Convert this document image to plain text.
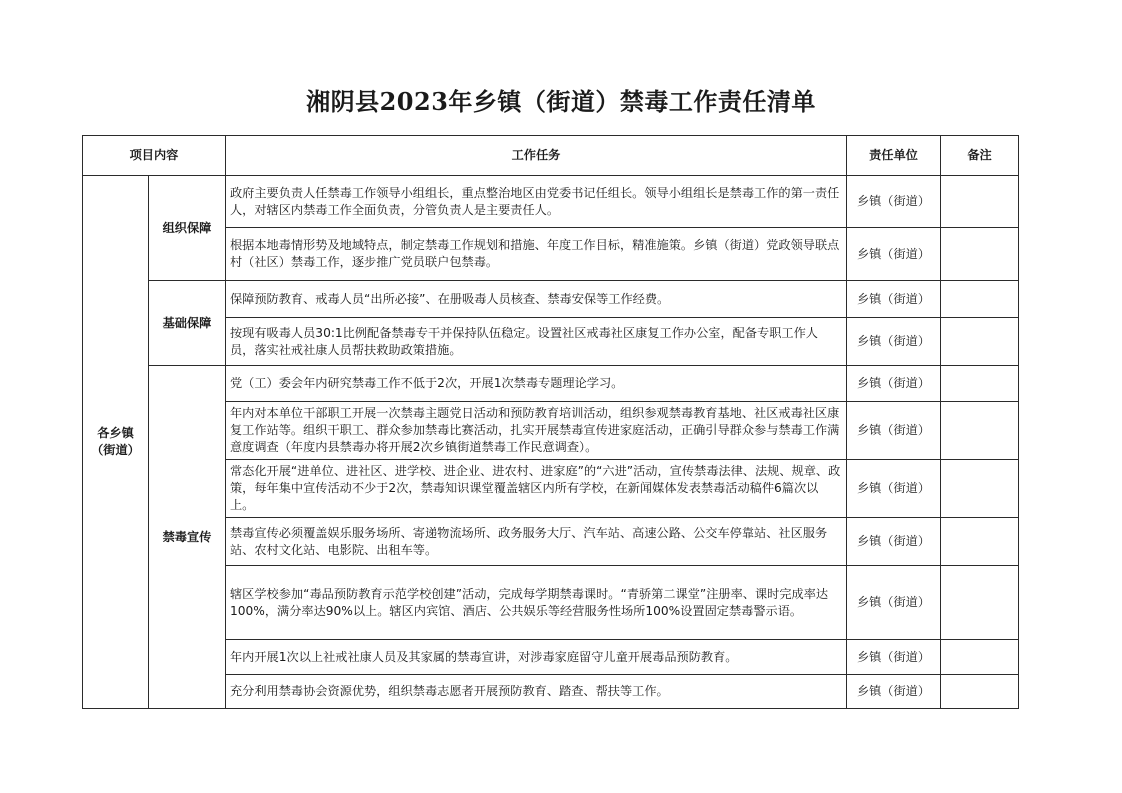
湘阴县2023年乡镇（街道）禁毒工作责任清单
项目内容		工作任务	责任单位	备注

各乡镇
（街道）	组织保障	政府主要负责人任禁毒工作领导小组组长，重点整治地区由党委书记任组长。领导小组组长是禁毒工作的第一责任人，对辖区内禁毒工作全面负责，分管负责人是主要责任人。	乡镇（街道）	
		根据本地毒情形势及地域特点，制定禁毒工作规划和措施、年度工作目标，精准施策。乡镇（街道）党政领导联点村（社区）禁毒工作，逐步推广党员联户包禁毒。	乡镇（街道）	
	基础保障	保障预防教育、戒毒人员“出所必接”、在册吸毒人员核查、禁毒安保等工作经费。	乡镇（街道）	
		按现有吸毒人员30:1比例配备禁毒专干并保持队伍稳定。设置社区戒毒社区康复工作办公室，配备专职工作人员，落实社戒社康人员帮扶救助政策措施。	乡镇（街道）	
	禁毒宣传	党（工）委会年内研究禁毒工作不低于2次，开展1次禁毒专题理论学习。	乡镇（街道）	
		年内对本单位干部职工开展一次禁毒主题党日活动和预防教育培训活动，组织参观禁毒教育基地、社区戒毒社区康复工作站等。组织干职工、群众参加禁毒比赛活动，扎实开展禁毒宣传进家庭活动，正确引导群众参与禁毒工作满意度调查（年度内县禁毒办将开展2次乡镇街道禁毒工作民意调查）。	乡镇（街道）	
		常态化开展“进单位、进社区、进学校、进企业、进农村、进家庭”的“六进”活动，宣传禁毒法律、法规、规章、政策，每年集中宣传活动不少于2次，禁毒知识课堂覆盖辖区内所有学校，在新闻媒体发表禁毒活动稿件6篇次以上。	乡镇（街道）	
		禁毒宣传必须覆盖娱乐服务场所、寄递物流场所、政务服务大厅、汽车站、高速公路、公交车停靠站、社区服务站、农村文化站、电影院、出租车等。	乡镇（街道）	
		辖区学校参加“毒品预防教育示范学校创建”活动，完成每学期禁毒课时。“青骄第二课堂”注册率、课时完成率达100%，满分率达90%以上。辖区内宾馆、酒店、公共娱乐等经营服务性场所100%设置固定禁毒警示语。	乡镇（街道）	
		年内开展1次以上社戒社康人员及其家属的禁毒宣讲，对涉毒家庭留守儿童开展毒品预防教育。	乡镇（街道）	
		充分利用禁毒协会资源优势，组织禁毒志愿者开展预防教育、踏查、帮扶等工作。	乡镇（街道）	
